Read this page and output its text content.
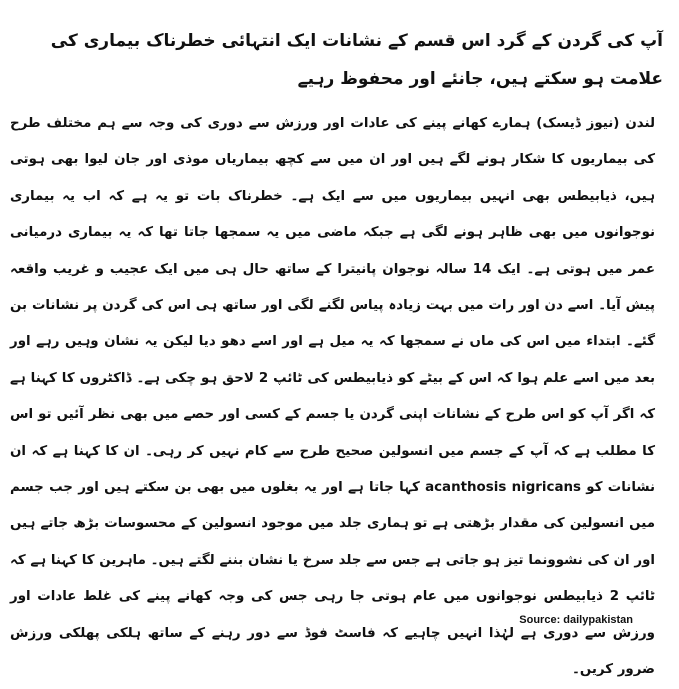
آپ کی گردن کے گرد اس قسم کے نشانات ایک انتہائی خطرناک بیماری کی علامت ہو سکتے ہیں، جانئے اور محفوظ رہیے

لندن (نیوز ڈیسک) ہمارے کھانے پینے کی عادات اور ورزش سے دوری کی وجہ سے ہم مختلف طرح کی بیماریوں کا شکار ہونے لگے ہیں اور ان میں سے کچھ بیماریاں موذی اور جان لیوا بھی ہوتی ہیں، ذیابیطس بھی انہیں بیماریوں میں سے ایک ہے۔ خطرناک بات تو یہ ہے کہ اب یہ بیماری نوجوانوں میں بھی ظاہر ہونے لگی ہے جبکہ ماضی میں یہ سمجھا جاتا تھا کہ یہ بیماری درمیانی عمر میں ہوتی ہے۔ ایک 14 سالہ نوجوان پانیترا کے ساتھ حال ہی میں ایک عجیب و غریب واقعہ پیش آیا۔ اسے دن اور رات میں بہت زیادہ پیاس لگنے لگی اور ساتھ ہی اس کی گردن پر نشانات بن گئے۔ ابتداء میں اس کی ماں نے سمجھا کہ یہ میل ہے اور اسے دھو دیا لیکن یہ نشان وہیں رہے اور بعد میں اسے علم ہوا کہ اس کے بیٹے کو ذیابیطس کی ٹائپ 2 لاحق ہو چکی ہے۔ ڈاکٹروں کا کہنا ہے کہ اگر آپ کو اس طرح کے نشانات اپنی گردن یا جسم کے کسی اور حصے میں بھی نظر آئیں تو اس کا مطلب ہے کہ آپ کے جسم میں انسولین صحیح طرح سے کام نہیں کر رہی۔ ان کا کہنا ہے کہ ان نشانات کو acanthosis nigricans کہا جاتا ہے اور یہ بغلوں میں بھی بن سکتے ہیں اور جب جسم میں انسولین کی مقدار بڑھتی ہے تو ہماری جلد میں موجود انسولین کے محسوسات بڑھ جاتے ہیں اور ان کی نشوونما تیز ہو جاتی ہے جس سے جلد سرخ یا نشان بننے لگتے ہیں۔ ماہرین کا کہنا ہے کہ ٹائپ 2 ذیابیطس نوجوانوں میں عام ہوتی جا رہی جس کی وجہ کھانے پینے کی غلط عادات اور ورزش سے دوری ہے لہٰذا انہیں چاہیے کہ فاسٹ فوڈ سے دور رہنے کے ساتھ ہلکی پھلکی ورزش ضرور کریں۔

Source: dailypakistan
